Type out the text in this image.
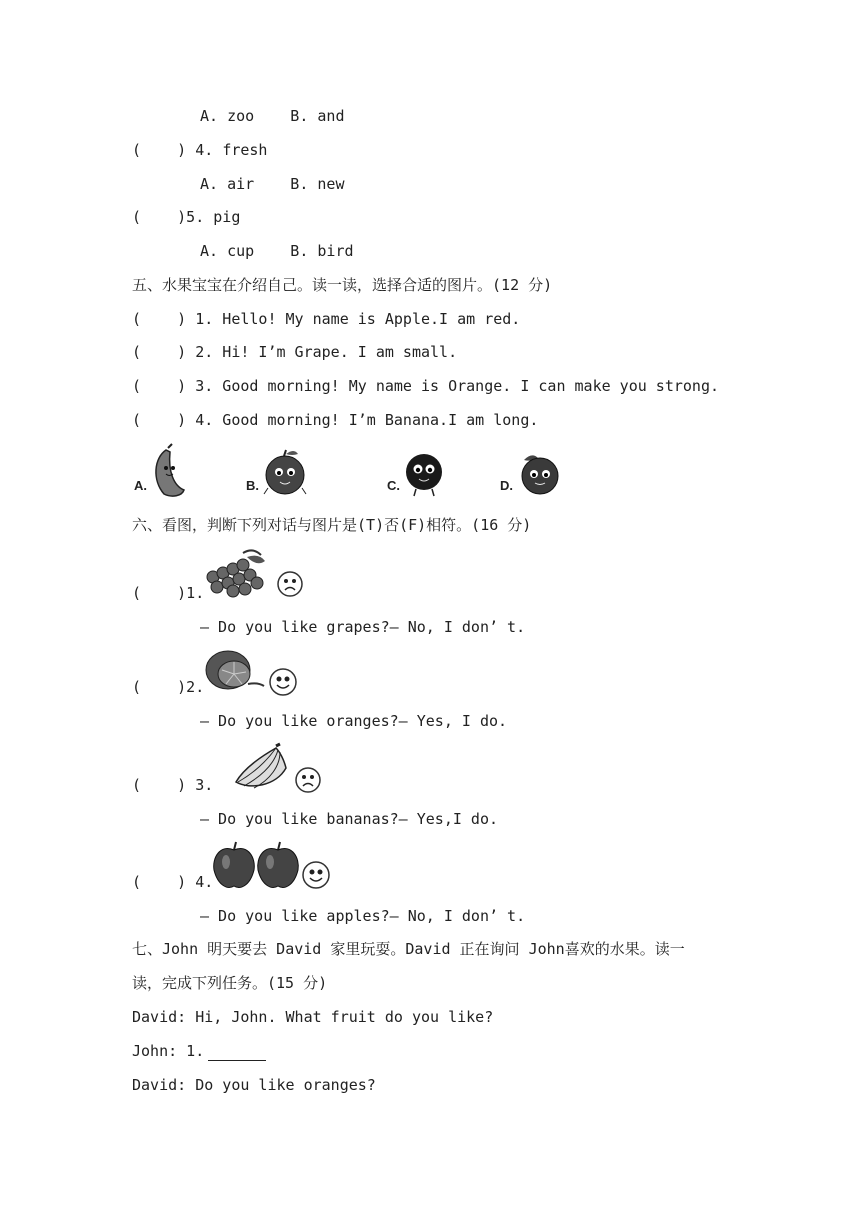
A. zoo    B. and
(    ) 4. fresh
A. air    B. new
(    )5. pig
A. cup    B. bird
五、水果宝宝在介绍自己。读一读，选择合适的图片。(12 分)
(    ) 1. Hello! My name is Apple.I am red.
(    ) 2. Hi! I’m Grape. I am small.
(    ) 3. Good morning! My name is Orange. I can make you strong.
(    ) 4. Good morning! I’m Banana.I am long.
A.	B.	C.	D.
六、看图，判断下列对话与图片是(T)否(F)相符。(16 分)
(    )1.
— Do you like grapes?— No, I don’ t.
(    )2.
— Do you like oranges?— Yes, I do.
(    ) 3.
— Do you like bananas?— Yes,I do.
(    ) 4.
— Do you like apples?— No, I don’ t.
七、John 明天要去 David 家里玩耍。David 正在询问 John喜欢的水果。读一
读，完成下列任务。(15 分)
David: Hi, John. What fruit do you like?
John: 1.
David: Do you like oranges?
